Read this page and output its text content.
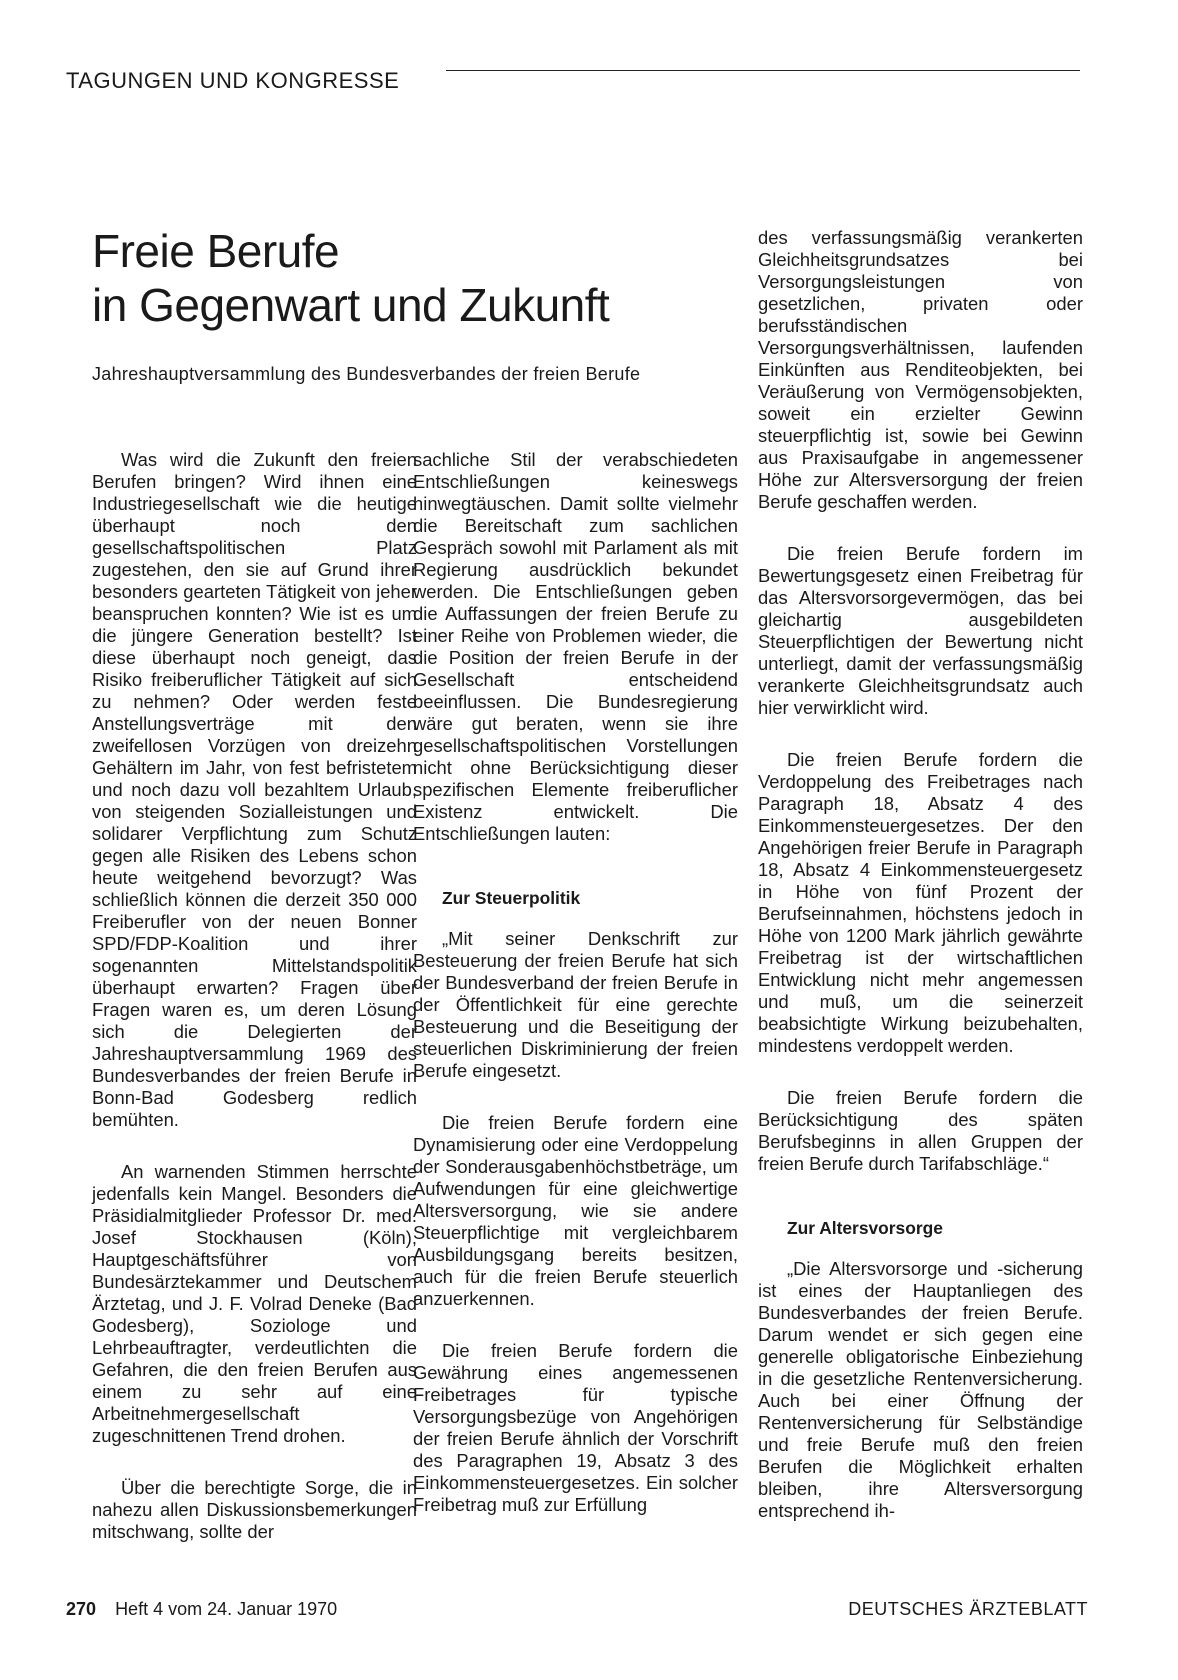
TAGUNGEN UND KONGRESSE
Freie Berufe
in Gegenwart und Zukunft
Jahreshauptversammlung des Bundesverbandes der freien Berufe

Was wird die Zukunft den freien Berufen bringen? Wird ihnen eine Industriegesellschaft wie die heutige überhaupt noch den gesellschaftspolitischen Platz zugestehen, den sie auf Grund ihrer besonders gearteten Tätigkeit von jeher beanspruchen konnten? Wie ist es um die jüngere Generation bestellt? Ist diese überhaupt noch geneigt, das Risiko freiberuflicher Tätigkeit auf sich zu nehmen? Oder werden feste Anstellungsverträge mit den zweifellosen Vorzügen von dreizehn Gehältern im Jahr, von fest befristetem und noch dazu voll bezahltem Urlaub, von steigenden Sozialleistungen und solidarer Verpflichtung zum Schutz gegen alle Risiken des Lebens schon heute weitgehend bevorzugt? Was schließlich können die derzeit 350 000 Freiberufler von der neuen Bonner SPD/FDP-Koalition und ihrer sogenannten Mittelstandspolitik überhaupt erwarten? Fragen über Fragen waren es, um deren Lösung sich die Delegierten der Jahreshauptversammlung 1969 des Bundesverbandes der freien Berufe in Bonn-Bad Godesberg redlich bemühten.

An warnenden Stimmen herrschte jedenfalls kein Mangel. Besonders die Präsidialmitglieder Professor Dr. med. Josef Stockhausen (Köln), Hauptgeschäftsführer von Bundesärztekammer und Deutschem Ärztetag, und J. F. Volrad Deneke (Bad Godesberg), Soziologe und Lehrbeauftragter, verdeutlichten die Gefahren, die den freien Berufen aus einem zu sehr auf eine Arbeitnehmergesellschaft zugeschnittenen Trend drohen.

Über die berechtigte Sorge, die in nahezu allen Diskussionsbemerkungen mitschwang, sollte der

sachliche Stil der verabschiedeten Entschließungen keineswegs hinwegtäuschen. Damit sollte vielmehr die Bereitschaft zum sachlichen Gespräch sowohl mit Parlament als mit Regierung ausdrücklich bekundet werden. Die Entschließungen geben die Auffassungen der freien Berufe zu einer Reihe von Problemen wieder, die die Position der freien Berufe in der Gesellschaft entscheidend beeinflussen. Die Bundesregierung wäre gut beraten, wenn sie ihre gesellschaftspolitischen Vorstellungen nicht ohne Berücksichtigung dieser spezifischen Elemente freiberuflicher Existenz entwickelt. Die Entschließungen lauten:

Zur Steuerpolitik

„Mit seiner Denkschrift zur Besteuerung der freien Berufe hat sich der Bundesverband der freien Berufe in der Öffentlichkeit für eine gerechte Besteuerung und die Beseitigung der steuerlichen Diskriminierung der freien Berufe eingesetzt.

Die freien Berufe fordern eine Dynamisierung oder eine Verdoppelung der Sonderausgabenhöchstbeträge, um Aufwendungen für eine gleichwertige Altersversorgung, wie sie andere Steuerpflichtige mit vergleichbarem Ausbildungsgang bereits besitzen, auch für die freien Berufe steuerlich anzuerkennen.

Die freien Berufe fordern die Gewährung eines angemessenen Freibetrages für typische Versorgungsbezüge von Angehörigen der freien Berufe ähnlich der Vorschrift des Paragraphen 19, Absatz 3 des Einkommensteuergesetzes. Ein solcher Freibetrag muß zur Erfüllung

des verfassungsmäßig verankerten Gleichheitsgrundsatzes bei Versorgungsleistungen von gesetzlichen, privaten oder berufsständischen Versorgungsverhältnissen, laufenden Einkünften aus Renditeobjekten, bei Veräußerung von Vermögensobjekten, soweit ein erzielter Gewinn steuerpflichtig ist, sowie bei Gewinn aus Praxisaufgabe in angemessener Höhe zur Altersversorgung der freien Berufe geschaffen werden.

Die freien Berufe fordern im Bewertungsgesetz einen Freibetrag für das Altersvorsorgevermögen, das bei gleichartig ausgebildeten Steuerpflichtigen der Bewertung nicht unterliegt, damit der verfassungsmäßig verankerte Gleichheitsgrundsatz auch hier verwirklicht wird.

Die freien Berufe fordern die Verdoppelung des Freibetrages nach Paragraph 18, Absatz 4 des Einkommensteuergesetzes. Der den Angehörigen freier Berufe in Paragraph 18, Absatz 4 Einkommensteuergesetz in Höhe von fünf Prozent der Berufseinnahmen, höchstens jedoch in Höhe von 1200 Mark jährlich gewährte Freibetrag ist der wirtschaftlichen Entwicklung nicht mehr angemessen und muß, um die seinerzeit beabsichtigte Wirkung beizubehalten, mindestens verdoppelt werden.

Die freien Berufe fordern die Berücksichtigung des späten Berufsbeginns in allen Gruppen der freien Berufe durch Tarifabschläge.“

Zur Altersvorsorge

„Die Altersvorsorge und -sicherung ist eines der Hauptanliegen des Bundesverbandes der freien Berufe. Darum wendet er sich gegen eine generelle obligatorische Einbeziehung in die gesetzliche Rentenversicherung. Auch bei einer Öffnung der Rentenversicherung für Selbständige und freie Berufe muß den freien Berufen die Möglichkeit erhalten bleiben, ihre Altersversorgung entsprechend ih-

270 Heft 4 vom 24. Januar 1970	DEUTSCHES ÄRZTEBLATT
